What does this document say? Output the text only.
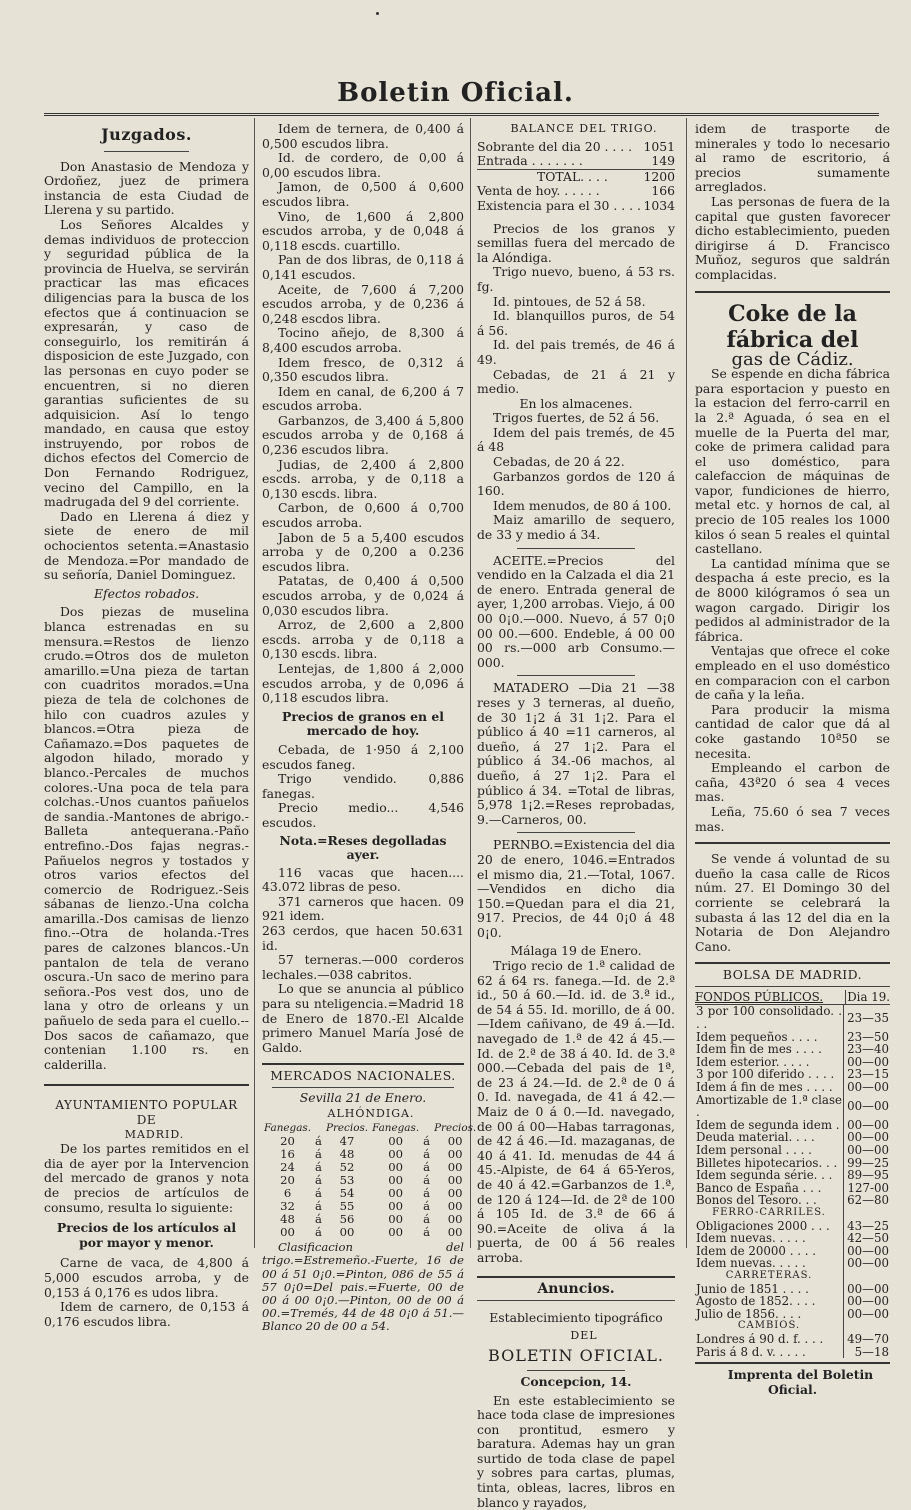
Boletin Oficial.
Juzgados.

Don Anastasio de Mendoza y Ordoñez, juez de primera instancia de esta Ciudad de Llerena y su partido.

Los Señores Alcaldes y demas individuos de proteccion y seguridad pública de la provincia de Huelva, se servirán practicar las mas eficaces diligencias para la busca de los efectos que á continuacion se expresarán, y caso de conseguirlo, los remitirán á disposicion de este Juzgado, con las personas en cuyo poder se encuentren, si no dieren garantias suficientes de su adquisicion. Así lo tengo mandado, en causa que estoy instruyendo, por robos de dichos efectos del Comercio de Don Fernando Rodriguez, vecino del Campillo, en la madrugada del 9 del corriente.

Dado en Llerena á diez y siete de enero de mil ochocientos setenta.=Anastasio de Mendoza.=Por mandado de su señoría, Daniel Dominguez.

Efectos robados.

Dos piezas de muselina blanca estrenadas en su mensura.=Restos de lienzo crudo.=Otros dos de muleton amarillo.=Una pieza de tartan con cuadritos morados.=Una pieza de tela de colchones de hilo con cuadros azules y blancos.=Otra pieza de Cañamazo.=Dos paquetes de algodon hilado, morado y blanco.-Percales de muchos colores.-Una poca de tela para colchas.-Unos cuantos pañuelos de sandia.-Mantones de abrigo.-Balleta antequerana.-Paño entrefino.-Dos fajas negras.-Pañuelos negros y tostados y otros varios efectos del comercio de Rodriguez.-Seis sábanas de lienzo.-Una colcha amarilla.-Dos camisas de lienzo fino.--Otra de holanda.-Tres pares de calzones blancos.-Un pantalon de tela de verano oscura.-Un saco de merino para señora.-Pos vest dos, uno de lana y otro de orleans y un pañuelo de seda para el cuello.--Dos sacos de cañamazo, que contenian 1.100 rs. en calderilla.

AYUNTAMIENTO POPULAR DE

MADRID.

De los partes remitidos en el dia de ayer por la Intervencion del mercado de granos y nota de precios de artículos de consumo, resulta lo siguiente:

Precios de los artículos al por mayor y menor.

Carne de vaca, de 4,800 á 5,000 escudos arroba, y de 0,153 á 0,176 es udos libra.

Idem de carnero, de 0,153 á 0,176 escudos libra.

Idem de ternera, de 0,400 á 0,500 escudos libra.

Id. de cordero, de 0,00 á 0,00 escudos libra.

Jamon, de 0,500 á 0,600 escudos libra.

Vino, de 1,600 á 2,800 escudos arroba, y de 0,048 á 0,118 escds. cuartillo.

Pan de dos libras, de 0,118 á 0,141 escudos.

Aceite, de 7,600 á 7,200 escudos arroba, y de 0,236 á 0,248 escdos libra.

Tocino añejo, de 8,300 á 8,400 escudos arroba.

Idem fresco, de 0,312 á 0,350 escudos libra.

Idem en canal, de 6,200 á 7 escudos arroba.

Garbanzos, de 3,400 á 5,800 escudos arroba y de 0,168 á 0,236 escudos libra.

Judias, de 2,400 á 2,800 escds. arroba, y de 0,118 a 0,130 escds. libra.

Carbon, de 0,600 á 0,700 escudos arroba.

Jabon de 5 a 5,400 escudos arroba y de 0,200 a 0.236 escudos libra.

Patatas, de 0,400 á 0,500 escudos arroba, y de 0,024 á 0,030 escudos libra.

Arroz, de 2,600 a 2,800 escds. arroba y de 0,118 a 0,130 escds. libra.

Lentejas, de 1,800 á 2,000 escudos arroba, y de 0,096 á 0,118 escudos libra.

Precios de granos en el mercado de hoy.

Cebada, de 1·950 á 2,100 escudos faneg.

Trigo vendido. 0,886 fanegas.

Precio medio... 4,546 escudos.

Nota.=Reses degolladas ayer.

116 vacas que hacen.... 43.072 libras de peso.

371 carneros que hacen. 09 921 idem.

263 cerdos, que hacen 50.631 id.

57 terneras.—000 corderos lechales.—038 cabritos.

Lo que se anuncia al público para su nteligencia.=Madrid 18 de Enero de 1870.-El Alcalde primero Manuel María José de Galdo.

MERCADOS NACIONALES.

Sevilla 21 de Enero.

ALHÓNDIGA.

Fanegas.		Precios.	Fanegas.		Precios.
20	á	47	00	á	00
16	á	48	00	á	00
24	á	52	00	á	00
20	á	53	00	á	00
6	á	54	00	á	00
32	á	55	00	á	00
48	á	56	00	á	00
00	á	00	00	á	00

Clasificacion del trigo.=Estremeño.-Fuerte, 16 de 00 á 51 0¡0.=Pinton, 086 de 55 á 57 0¡0=Del pais.=Fuerte, 00 de 00 á 00 0¡0.—Pinton, 00 de 00 á 00.=Tremés, 44 de 48 0¡0 á 51.—Blanco 20 de 00 a 54.

BALANCE DEL TRIGO.

Sobrante del dia 20 . . . . 1051
Entrada . . . . . . .	149
TOTAL. . . .	1200
Venta de hoy. . . . . .	166
Existencia para el 30 . . . . 1034

Precios de los granos y semillas fuera del mercado de la Alóndiga.

Trigo nuevo, bueno, á 53 rs. fg.

Id. pintoues, de 52 á 58.

Id. blanquillos puros, de 54 á 56.

Id. del pais tremés, de 46 á 49.

Cebadas, de 21 á 21 y medio.

En los almacenes.

Trigos fuertes, de 52 á 56.

Idem del pais tremés, de 45 á 48

Cebadas, de 20 á 22.

Garbanzos gordos de 120 á 160.

Idem menudos, de 80 á 100.

Maiz amarillo de sequero, de 33 y medio á 34.

ACEITE.=Precios del vendido en la Calzada el dia 21 de enero. Entrada general de ayer, 1,200 arrobas. Viejo, á 00 00 0¡0.—000. Nuevo, á 57 0¡0 00 00.—600. Endeble, á 00 00 00 rs.—000 arb Consumo.—000.

MATADERO —Dia 21 —38 reses y 3 terneras, al dueño, de 30 1¡2 á 31 1¡2. Para el público á 40 =11 carneros, al dueño, á 27 1¡2. Para el público á 34.-06 machos, al dueño, á 27 1¡2. Para el público á 34. =Total de libras, 5,978 1¡2.=Reses reprobadas, 9.—Carneros, 00.

PERNBO.=Existencia del dia 20 de enero, 1046.=Entrados el mismo dia, 21.—Total, 1067.—Vendidos en dicho dia 150.=Quedan para el dia 21, 917. Precios, de 44 0¡0 á 48 0¡0.

Málaga 19 de Enero.

Trigo recio de 1.ª calidad de 62 á 64 rs. fanega.—Id. de 2.ª id., 50 á 60.—Id. id. de 3.ª id., de 54 á 55. Id. morillo, de á 00.—Idem cañivano, de 49 á.—Id. navegado de 1.ª de 42 á 45.—Id. de 2.ª de 38 á 40. Id. de 3.ª 000.—Cebada del pais de 1ª, de 23 á 24.—Id. de 2.ª de 0 á 0. Id. navegada, de 41 á 42.—Maiz de 0 á 0.—Id. navegado, de 00 á 00—Habas tarragonas, de 42 á 46.—Id. mazaganas, de 40 á 41. Id. menudas de 44 á 45.-Alpiste, de 64 á 65-Yeros, de 40 á 42.=Garbanzos de 1.ª, de 120 á 124—Id. de 2ª de 100 á 105 Id. de 3.ª de 66 á 90.=Aceite de oliva á la puerta, de 00 á 56 reales arroba.

Anuncios.

Establecimiento tipográfico

DEL

BOLETIN OFICIAL.

Concepcion, 14.

En este establecimiento se hace toda clase de impresiones con prontitud, esmero y baratura. Ademas hay un gran surtido de toda clase de papel y sobres para cartas, plumas, tinta, obleas, lacres, libros en blanco y rayados,

idem de trasporte de minerales y todo lo necesario al ramo de escritorio, á precios sumamente arreglados.

Las personas de fuera de la capital que gusten favorecer dicho establecimiento, pueden dirigirse á D. Francisco Muñoz, seguros que saldrán complacidas.

Coke de la fábrica del

gas de Cádiz.

Se espende en dicha fábrica para esportacion y puesto en la estacion del ferro-carril en la 2.ª Aguada, ó sea en el muelle de la Puerta del mar, coke de primera calidad para el uso doméstico, para calefaccion de máquinas de vapor, fundiciones de hierro, metal etc. y hornos de cal, al precio de 105 reales los 1000 kilos ó sean 5 reales el quintal castellano.

La cantidad mínima que se despacha á este precio, es la de 8000 kilógramos ó sea un wagon cargado. Dirigir los pedidos al administrador de la fábrica.

Ventajas que ofrece el coke empleado en el uso doméstico en comparacion con el carbon de caña y la leña.

Para producir la misma cantidad de calor que dá al coke gastando 10ª50 se necesita.

Empleando el carbon de caña, 43ª20 ó sea 4 veces mas.

Leña, 75.60 ó sea 7 veces mas.

Se vende á voluntad de su dueño la casa calle de Ricos núm. 27. El Domingo 30 del corriente se celebrará la subasta á las 12 del dia en la Notaria de Don Alejandro Cano.

BOLSA DE MADRID.

FONDOS PÚBLICOS. Dia 19.
3 por 100 consolidado. . . .	23—35
Idem pequeños . . . .	23—50
Idem fin de mes . . . .	23—40
Idem esterior. . . . .	00—00
3 por 100 diferido . . . .	23—15
Idem á fin de mes . . . .	00—00
Amortizable de 1.ª clase .	00—00
Idem de segunda idem .	00—00
Deuda material. . . .	00—00
Idem personal . . . .	00—00
Billetes hipotecarios. . .	99—25
Idem segunda série. . .	89—95
Banco de España . . .	127-00
Bonos del Tesoro. . .	62—80
FERRO-CARRILES.	
Obligaciones 2000 . . .	43—25
Idem nuevas. . . . .	42—50
Idem de 20000 . . . .	00—00
Idem nuevas. . . . .	00—00
CARRETERAS.	
Junio de 1851 . . . .	00—00
Agosto de 1852. . . .	00—00
Julio de 1856. . . .	00—00
CAMBIOS.	
Londres á 90 d. f. . . .	49—70
Paris á 8 d. v. . . . .	5—18

Imprenta del Boletin Oficial.
